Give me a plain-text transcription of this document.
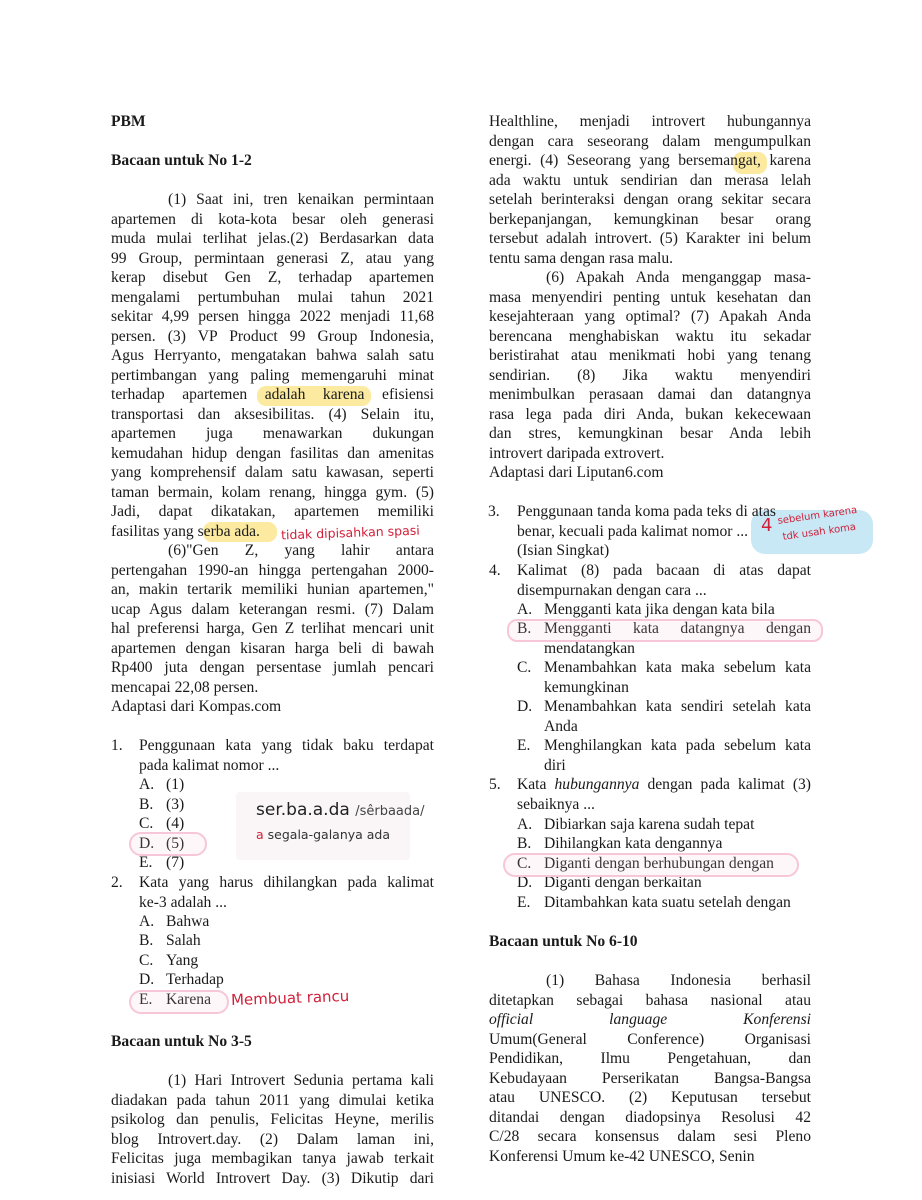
PBM
Bacaan untuk No 1-2
(1) Saat ini, tren kenaikan permintaan
apartemen di kota-kota besar oleh generasi
muda mulai terlihat jelas.(2) Berdasarkan data
99 Group, permintaan generasi Z, atau yang
kerap disebut Gen Z, terhadap apartemen
mengalami pertumbuhan mulai tahun 2021
sekitar 4,99 persen hingga 2022 menjadi 11,68
persen. (3) VP Product 99 Group Indonesia,
Agus Herryanto, mengatakan bahwa salah satu
pertimbangan yang paling memengaruhi minat
terhadap apartemen adalah karena efisiensi
transportasi dan aksesibilitas. (4) Selain itu,
apartemen juga menawarkan dukungan
kemudahan hidup dengan fasilitas dan amenitas
yang komprehensif dalam satu kawasan, seperti
taman bermain, kolam renang, hingga gym. (5)
Jadi, dapat dikatakan, apartemen memiliki
fasilitas yang serba ada.
(6)"Gen Z, yang lahir antara
pertengahan 1990-an hingga pertengahan 2000-
an, makin tertarik memiliki hunian apartemen,"
ucap Agus dalam keterangan resmi. (7) Dalam
hal preferensi harga, Gen Z terlihat mencari unit
apartemen dengan kisaran harga beli di bawah
Rp400 juta dengan persentase jumlah pencari
mencapai 22,08 persen.
Adaptasi dari Kompas.com
1. Penggunaan kata yang tidak baku terdapat
pada kalimat nomor ...
A. (1)
B. (3)
C. (4)
D. (5)
E. (7)
2. Kata yang harus dihilangkan pada kalimat
ke-3 adalah ...
A. Bahwa
B. Salah
C. Yang
D. Terhadap
E. Karena
Bacaan untuk No 3-5
(1) Hari Introvert Sedunia pertama kali
diadakan pada tahun 2011 yang dimulai ketika
psikolog dan penulis, Felicitas Heyne, merilis
blog Introvert.day. (2) Dalam laman ini,
Felicitas juga membagikan tanya jawab terkait
inisiasi World Introvert Day. (3) Dikutip dari
tidak dipisahkan spasi
Membuat rancu
ser.ba.a.da /sêrbaada/
a segala-galanya ada
Healthline, menjadi introvert hubungannya
dengan cara seseorang dalam mengumpulkan
energi. (4) Seseorang yang bersemangat, karena
ada waktu untuk sendirian dan merasa lelah
setelah berinteraksi dengan orang sekitar secara
berkepanjangan, kemungkinan besar orang
tersebut adalah introvert. (5) Karakter ini belum
tentu sama dengan rasa malu.
(6) Apakah Anda menganggap masa-
masa menyendiri penting untuk kesehatan dan
kesejahteraan yang optimal? (7) Apakah Anda
berencana menghabiskan waktu itu sekadar
beristirahat atau menikmati hobi yang tenang
sendirian. (8) Jika waktu menyendiri
menimbulkan perasaan damai dan datangnya
rasa lega pada diri Anda, bukan kekecewaan
dan stres, kemungkinan besar Anda lebih
introvert daripada extrovert.
Adaptasi dari Liputan6.com
3. Penggunaan tanda koma pada teks di atas
benar, kecuali pada kalimat nomor ...
(Isian Singkat)
4. Kalimat (8) pada bacaan di atas dapat
disempurnakan dengan cara ...
A. Mengganti kata jika dengan kata bila
B. Mengganti kata datangnya dengan
mendatangkan
C. Menambahkan kata maka sebelum kata
kemungkinan
D. Menambahkan kata sendiri setelah kata
Anda
E. Menghilangkan kata pada sebelum kata
diri
5. Kata hubungannya dengan pada kalimat (3)
sebaiknya ...
A. Dibiarkan saja karena sudah tepat
B. Dihilangkan kata dengannya
C. Diganti dengan berhubungan dengan
D. Diganti dengan berkaitan
E. Ditambahkan kata suatu setelah dengan
Bacaan untuk No 6-10
(1) Bahasa Indonesia berhasil
ditetapkan sebagai bahasa nasional atau
official language Konferensi
Umum(General Conference) Organisasi
Pendidikan, Ilmu Pengetahuan, dan
Kebudayaan Perserikatan Bangsa-Bangsa
atau UNESCO. (2) Keputusan tersebut
ditandai dengan diadopsinya Resolusi 42
C/28 secara konsensus dalam sesi Pleno
Konferensi Umum ke-42 UNESCO, Senin
4 sebelum karena
tdk usah koma
